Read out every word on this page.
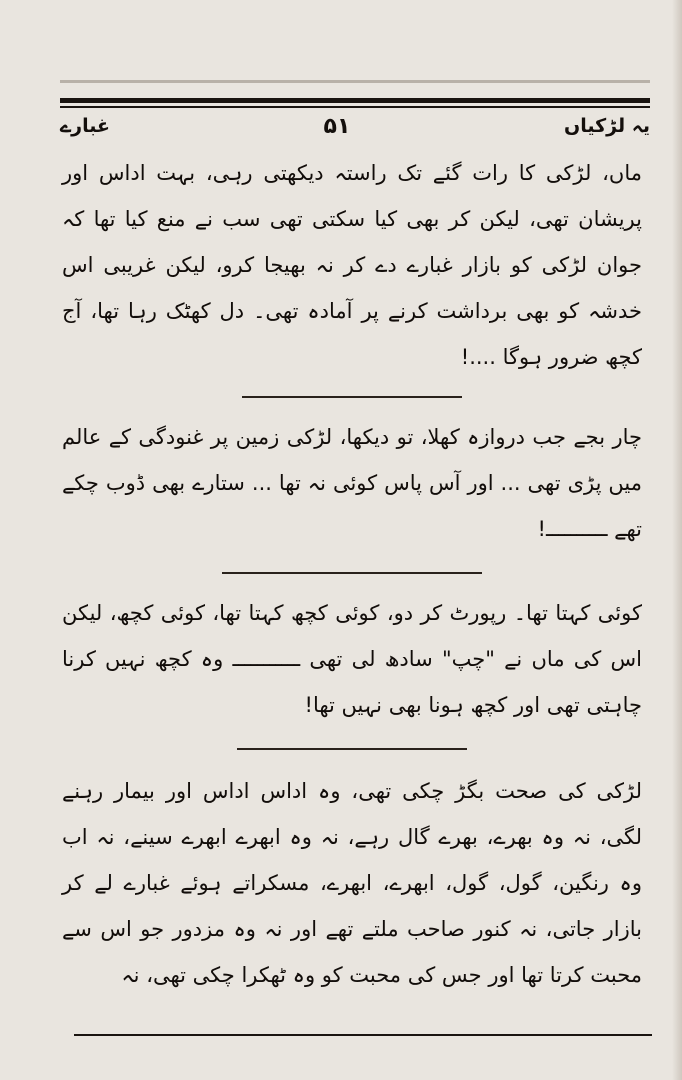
غبارے	۵۱	یہ لڑکیاں

ماں، لڑکی کا رات گئے تک راستہ دیکھتی رہی، بہت اداس اور پریشان تھی، لیکن کر بھی کیا سکتی تھی سب نے منع کیا تھا کہ جوان لڑکی کو بازار غبارے دے کر نہ بھیجا کرو، لیکن غریبی اس خدشہ کو بھی برداشت کرنے پر آمادہ تھی۔ دل کھٹک رہا تھا، آج کچھ ضرور ہوگا ....!

چار بجے جب دروازہ کھلا، تو دیکھا، لڑکی زمین پر غنودگی کے عالم میں پڑی تھی ... اور آس پاس کوئی نہ تھا ... ستارے بھی ڈوب چکے تھے ــــــــــ!

کوئی کہتا تھا۔ رپورٹ کر دو، کوئی کچھ کہتا تھا، کوئی کچھ، لیکن اس کی ماں نے "چپ" سادھ لی تھی ـــــــــــ وہ کچھ نہیں کرنا چاہتی تھی اور کچھ ہونا بھی نہیں تھا!

لڑکی کی صحت بگڑ چکی تھی، وہ اداس اداس اور بیمار رہنے لگی، نہ وہ بھرے، بھرے گال رہے، نہ وہ ابھرے ابھرے سینے، نہ اب وہ رنگین، گول، گول، ابھرے، ابھرے، مسکراتے ہوئے غبارے لے کر بازار جاتی، نہ کنور صاحب ملتے تھے اور نہ وہ مزدور جو اس سے محبت کرتا تھا اور جس کی محبت کو وہ ٹھکرا چکی تھی، نہ
